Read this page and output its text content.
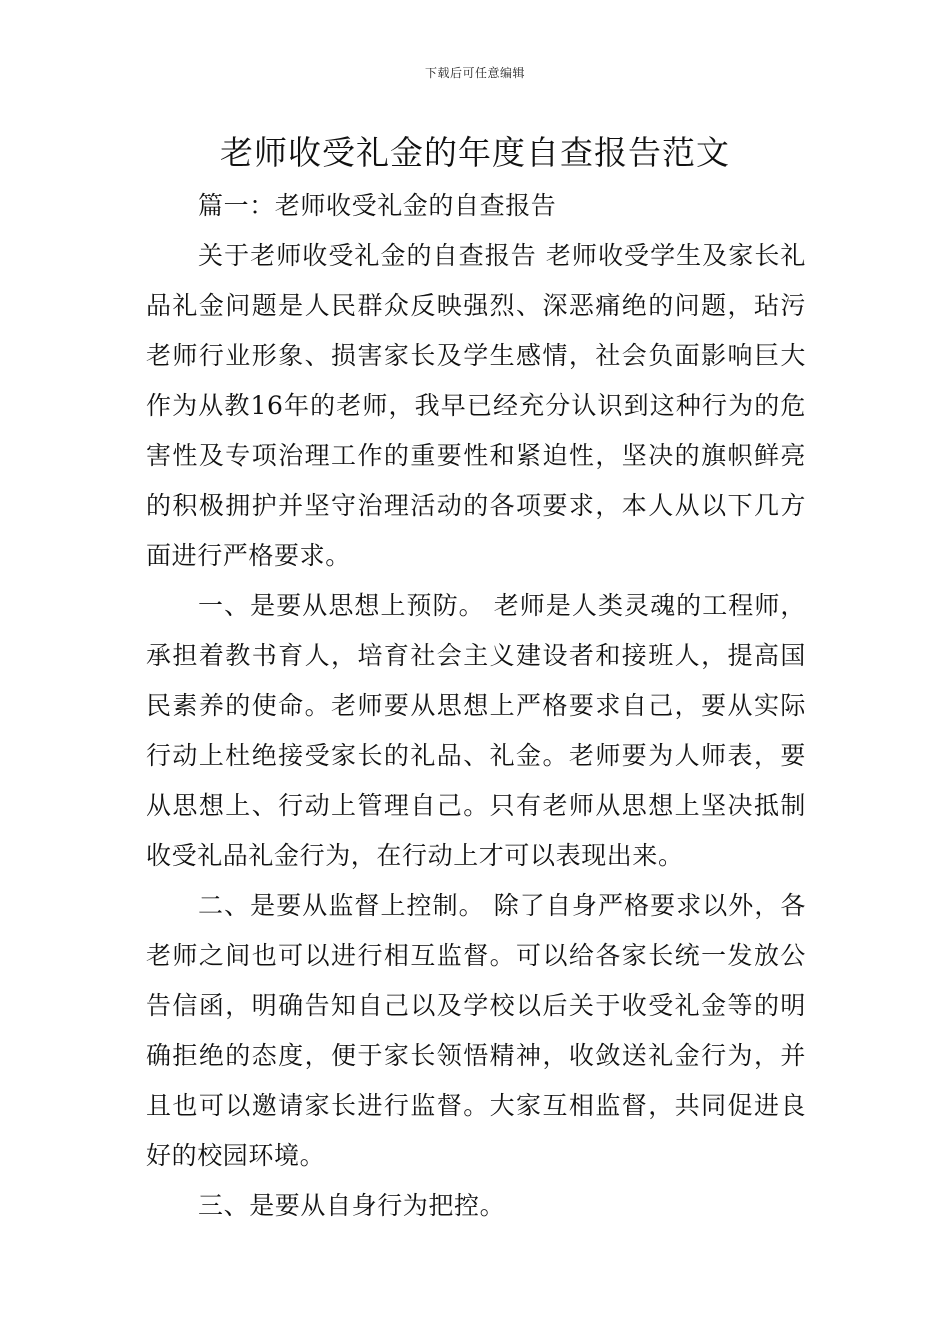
下载后可任意编辑
老师收受礼金的年度自查报告范文

篇一：老师收受礼金的自查报告

关于老师收受礼金的自查报告 老师收受学生及家长礼品礼金问题是人民群众反映强烈、深恶痛绝的问题，玷污老师行业形象、损害家长及学生感情，社会负面影响巨大作为从教16年的老师，我早已经充分认识到这种行为的危害性及专项治理工作的重要性和紧迫性，坚决的旗帜鲜亮的积极拥护并坚守治理活动的各项要求，本人从以下几方面进行严格要求。

一、是要从思想上预防。 老师是人类灵魂的工程师，承担着教书育人，培育社会主义建设者和接班人，提高国民素养的使命。老师要从思想上严格要求自己，要从实际行动上杜绝接受家长的礼品、礼金。老师要为人师表，要从思想上、行动上管理自己。只有老师从思想上坚决抵制收受礼品礼金行为，在行动上才可以表现出来。

二、是要从监督上控制。 除了自身严格要求以外，各老师之间也可以进行相互监督。可以给各家长统一发放公告信函，明确告知自己以及学校以后关于收受礼金等的明确拒绝的态度，便于家长领悟精神，收敛送礼金行为，并且也可以邀请家长进行监督。大家互相监督，共同促进良好的校园环境。

三、是要从自身行为把控。
